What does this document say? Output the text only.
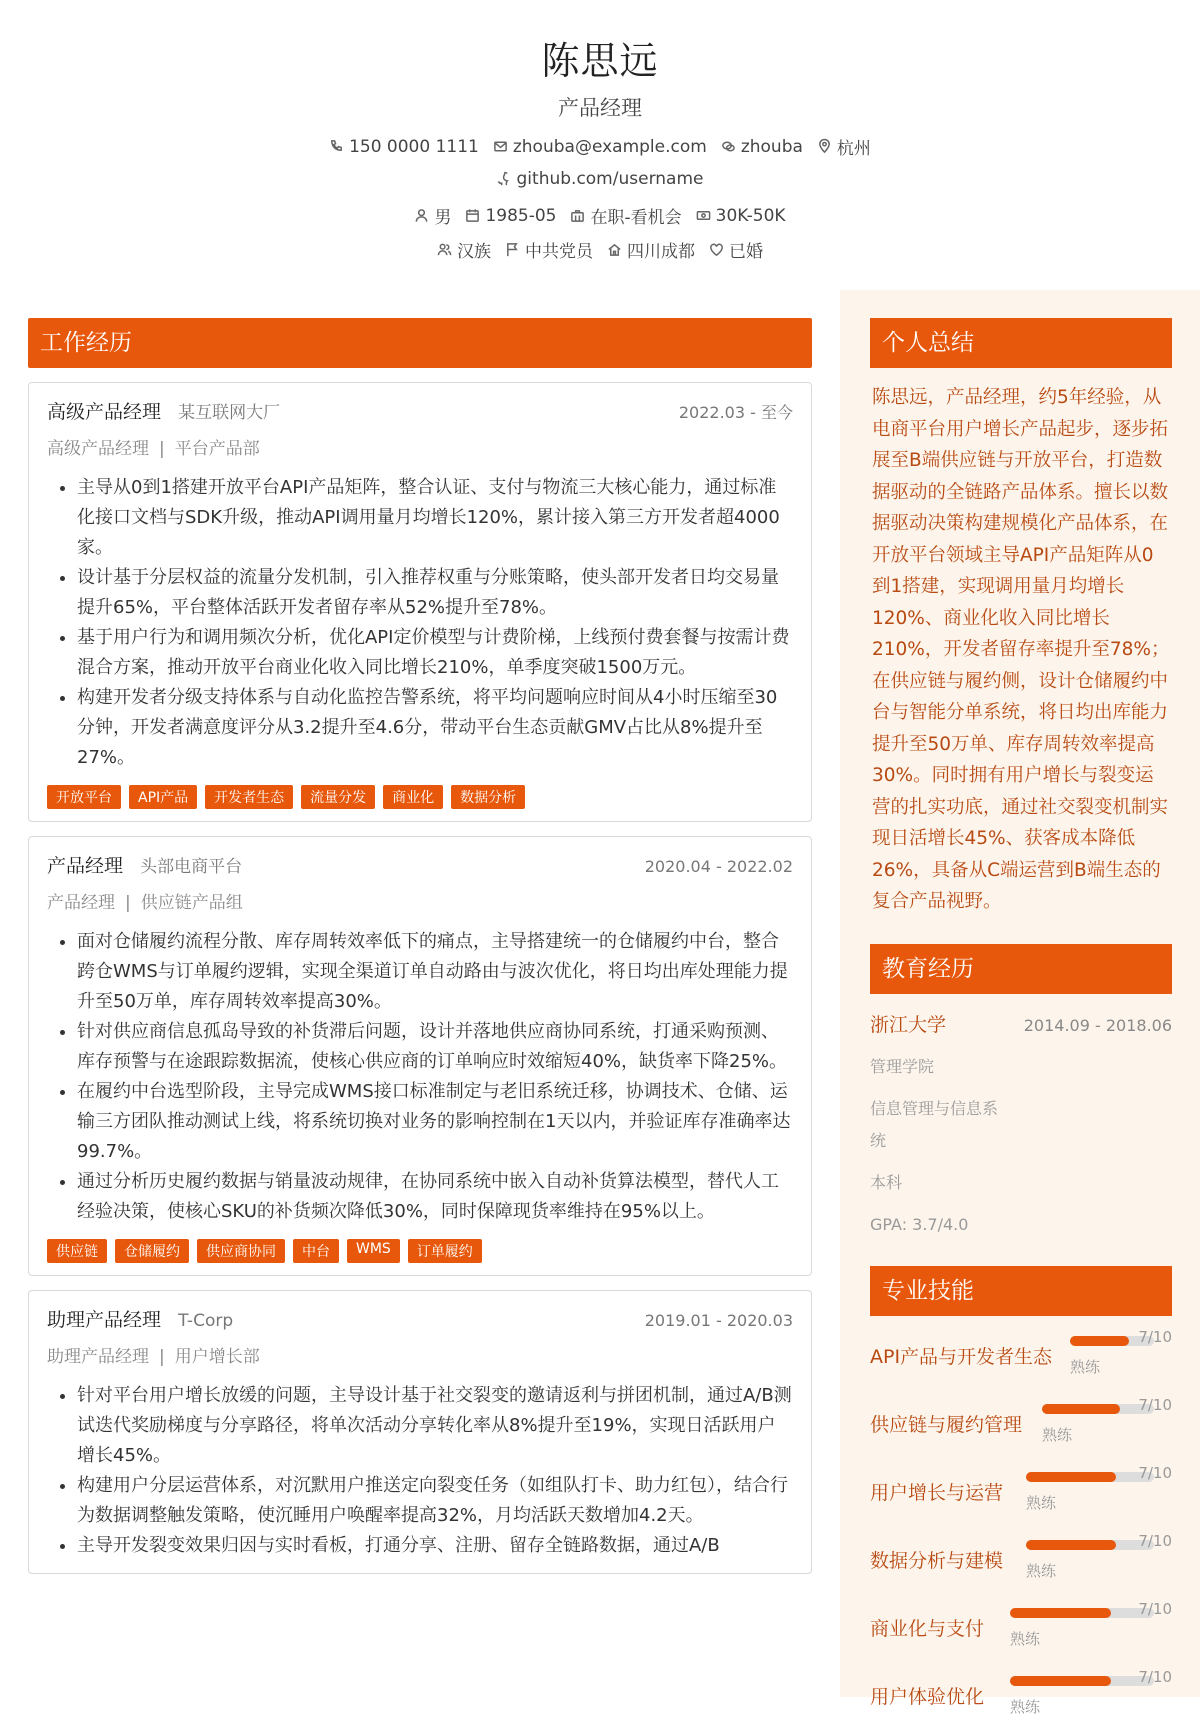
陈思远
产品经理
150 0000 1111 zhouba@example.com zhouba 杭州
github.com/username
男 1985-05 在职-看机会 30K-50K
汉族 中共党员 四川成都 已婚
个人总结
陈思远，产品经理，约5年经验，从电商平台用户增长产品起步，逐步拓展至B端供应链与开放平台，打造数据驱动的全链路产品体系。擅长以数据驱动决策构建规模化产品体系，在开放平台领域主导API产品矩阵从0到1搭建，实现调用量月均增长120%、商业化收入同比增长210%，开发者留存率提升至78%；在供应链与履约侧，设计仓储履约中台与智能分单系统，将日均出库能力提升至50万单、库存周转效率提高30%。同时拥有用户增长与裂变运营的扎实功底，通过社交裂变机制实现日活增长45%、获客成本降低26%，具备从C端运营到B端生态的复合产品视野。
教育经历
浙江大学	2014.09 - 2018.06
管理学院
信息管理与信息系
统
本科
GPA: 3.7/4.0
专业技能
API产品与开发者生态 熟练
7/10
供应链与履约管理 熟练
7/10
用户增长与运营 熟练
7/10
数据分析与建模 熟练
7/10
商业化与支付 熟练
7/10
用户体验优化 熟练
7/10
工作经历
高级产品经理 某互联网大厂	2022.03 - 至今
高级产品经理 | 平台产品部
• 主导从0到1搭建开放平台API产品矩阵，整合认证、支付与物流三大核心能力，通过标准化接口文档与SDK升级，推动API调用量月均增长120%，累计接入第三方开发者超4000家。
• 设计基于分层权益的流量分发机制，引入推荐权重与分账策略，使头部开发者日均交易量提升65%，平台整体活跃开发者留存率从52%提升至78%。
• 基于用户行为和调用频次分析，优化API定价模型与计费阶梯，上线预付费套餐与按需计费混合方案，推动开放平台商业化收入同比增长210%，单季度突破1500万元。
• 构建开发者分级支持体系与自动化监控告警系统，将平均问题响应时间从4小时压缩至30分钟，开发者满意度评分从3.2提升至4.6分，带动平台生态贡献GMV占比从8%提升至27%。
开放平台	API产品	开发者生态	流量分发	商业化	数据分析
产品经理 头部电商平台	2020.04 - 2022.02
产品经理 | 供应链产品组
• 面对仓储履约流程分散、库存周转效率低下的痛点，主导搭建统一的仓储履约中台，整合跨仓WMS与订单履约逻辑，实现全渠道订单自动路由与波次优化，将日均出库处理能力提升至50万单，库存周转效率提高30%。
• 针对供应商信息孤岛导致的补货滞后问题，设计并落地供应商协同系统，打通采购预测、库存预警与在途跟踪数据流，使核心供应商的订单响应时效缩短40%，缺货率下降25%。
• 在履约中台选型阶段，主导完成WMS接口标准制定与老旧系统迁移，协调技术、仓储、运输三方团队推动测试上线，将系统切换对业务的影响控制在1天以内，并验证库存准确率达99.7%。
• 通过分析历史履约数据与销量波动规律，在协同系统中嵌入自动补货算法模型，替代人工经验决策，使核心SKU的补货频次降低30%，同时保障现货率维持在95%以上。
供应链	仓储履约	供应商协同	中台	WMS	订单履约
助理产品经理 T-Corp	2019.01 - 2020.03
助理产品经理 | 用户增长部
• 针对平台用户增长放缓的问题，主导设计基于社交裂变的邀请返利与拼团机制，通过A/B测试迭代奖励梯度与分享路径，将单次活动分享转化率从8%提升至19%，实现日活跃用户增长45%。
• 构建用户分层运营体系，对沉默用户推送定向裂变任务（如组队打卡、助力红包），结合行为数据调整触发策略，使沉睡用户唤醒率提高32%，月均活跃天数增加4.2天。
• 主导开发裂变效果归因与实时看板，打通分享、注册、留存全链路数据，通过A/B
